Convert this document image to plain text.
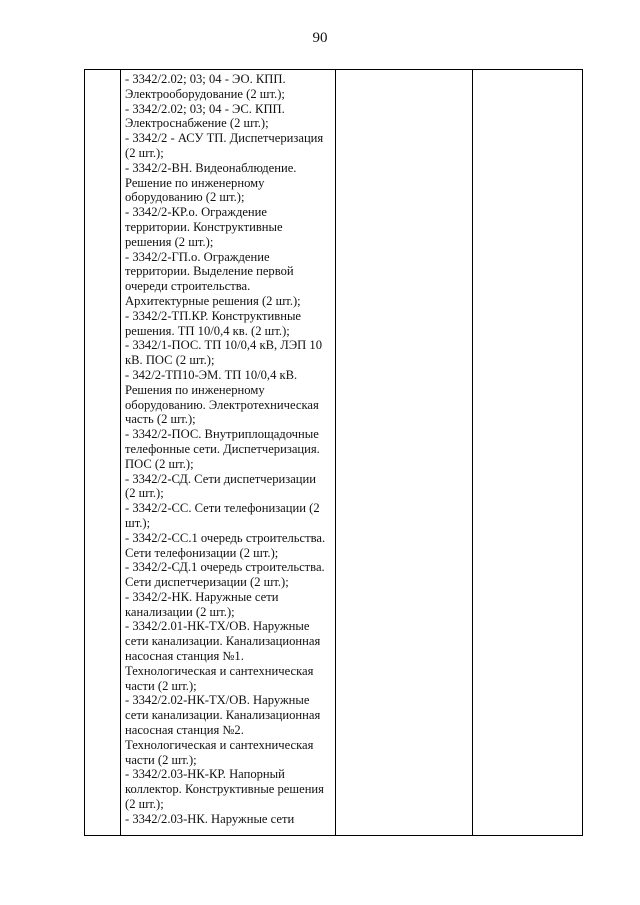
90

- 3342/2.02; 03; 04 - ЭО. КПП.
Электрооборудование (2 шт.);
- 3342/2.02; 03; 04 - ЭС. КПП.
Электроснабжение (2 шт.);
- 3342/2 - АСУ ТП. Диспетчеризация
(2 шт.);
- 3342/2-ВН. Видеонаблюдение.
Решение по инженерному
оборудованию (2 шт.);
- 3342/2-КР.о. Ограждение
территории. Конструктивные
решения (2 шт.);
- 3342/2-ГП.о. Ограждение
территории. Выделение первой
очереди строительства.
Архитектурные решения (2 шт.);
- 3342/2-ТП.КР. Конструктивные
решения. ТП 10/0,4 кв. (2 шт.);
- 3342/1-ПОС. ТП 10/0,4 кВ, ЛЭП 10
кВ. ПОС (2 шт.);
- 342/2-ТП10-ЭМ. ТП 10/0,4 кВ.
Решения по инженерному
оборудованию. Электротехническая
часть (2 шт.);
- 3342/2-ПОС. Внутриплощадочные
телефонные сети. Диспетчеризация.
ПОС (2 шт.);
- 3342/2-СД. Сети диспетчеризации
(2 шт.);
- 3342/2-СС. Сети телефонизации (2
шт.);
- 3342/2-СС.1 очередь строительства.
Сети телефонизации (2 шт.);
- 3342/2-СД.1 очередь строительства.
Сети диспетчеризации (2 шт.);
- 3342/2-НК. Наружные сети
канализации (2 шт.);
- 3342/2.01-НК-ТХ/ОВ. Наружные
сети канализации. Канализационная
насосная станция №1.
Технологическая и сантехническая
части (2 шт.);
- 3342/2.02-НК-ТХ/ОВ. Наружные
сети канализации. Канализационная
насосная станция №2.
Технологическая и сантехническая
части (2 шт.);
- 3342/2.03-НК-КР. Напорный
коллектор. Конструктивные решения
(2 шт.);
- 3342/2.03-НК. Наружные сети
